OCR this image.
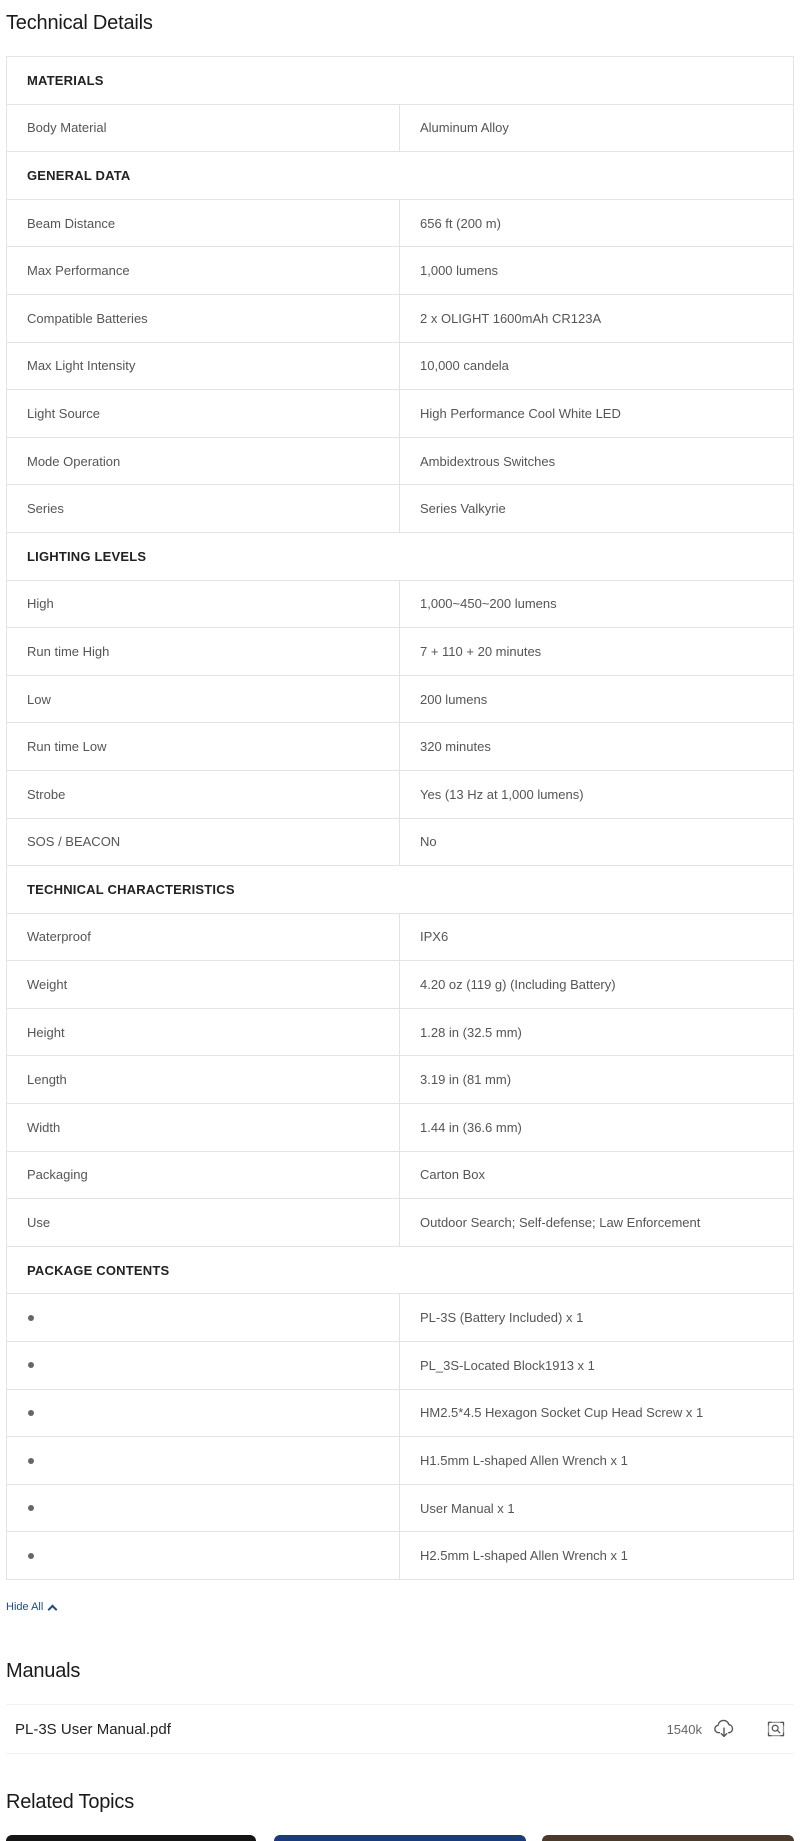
Technical Details
MATERIALS
Body Material	Aluminum Alloy
GENERAL DATA
Beam Distance	656 ft (200 m)
Max Performance	1,000 lumens
Compatible Batteries	2 x OLIGHT 1600mAh CR123A
Max Light Intensity	10,000 candela
Light Source	High Performance Cool White LED
Mode Operation	Ambidextrous Switches
Series	Series Valkyrie
LIGHTING LEVELS
High	1,000~450~200 lumens
Run time High	7 + 110 + 20 minutes
Low	200 lumens
Run time Low	320 minutes
Strobe	Yes (13 Hz at 1,000 lumens)
SOS / BEACON	No
TECHNICAL CHARACTERISTICS
Waterproof	IPX6
Weight	4.20 oz (119 g) (Including Battery)
Height	1.28 in (32.5 mm)
Length	3.19 in (81 mm)
Width	1.44 in (36.6 mm)
Packaging	Carton Box
Use	Outdoor Search; Self-defense; Law Enforcement
PACKAGE CONTENTS
PL-3S (Battery Included) x 1
PL_3S-Located Block1913 x 1
HM2.5*4.5 Hexagon Socket Cup Head Screw x 1
H1.5mm L-shaped Allen Wrench x 1
User Manual x 1
H2.5mm L-shaped Allen Wrench x 1
Hide All
Manuals
PL-3S User Manual.pdf	1540k
Related Topics
